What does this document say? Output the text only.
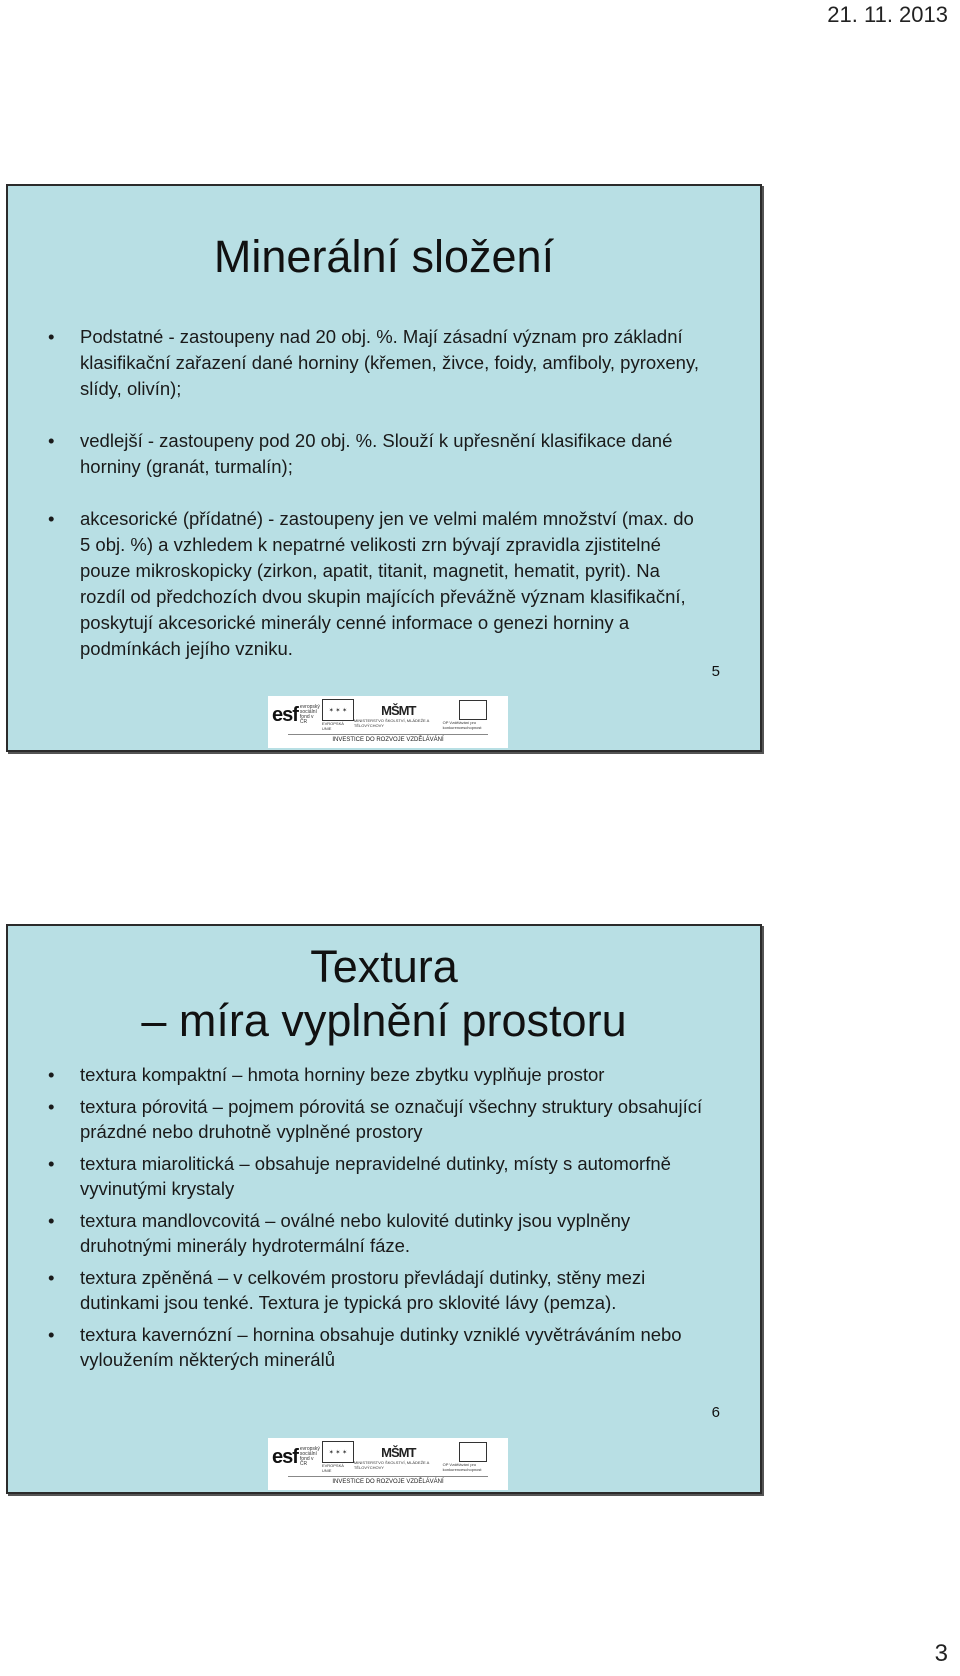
21. 11. 2013
Minerální složení
• Podstatné - zastoupeny nad 20 obj. %. Mají zásadní význam pro základní klasifikační zařazení dané horniny (křemen, živce, foidy, amfiboly, pyroxeny, slídy, olivín);
• vedlejší - zastoupeny pod 20 obj. %. Slouží k upřesnění klasifikace dané horniny (granát, turmalín);
• akcesorické (přídatné) - zastoupeny jen ve velmi malém množství (max. do 5 obj. %) a vzhledem k nepatrné velikosti zrn bývají zpravidla zjistitelné pouze mikroskopicky (zirkon, apatit, titanit, magnetit, hematit, pyrit). Na rozdíl od předchozích dvou skupin majících převážně význam klasifikační, poskytují akcesorické minerály cenné informace o genezi horniny a podmínkách jejího vzniku.
esf evropský sociální fond v ČR
✶ ✶ ✶
EVROPSKÁ UNIE
MŠMT
MINISTERSTVO ŠKOLSTVÍ, MLÁDEŽE A TĚLOVÝCHOVY	OP Vzdělávání pro konkurenceschopnost
INVESTICE DO ROZVOJE VZDĚLÁVÁNÍ
5
Textura
– míra vyplnění prostoru
• textura kompaktní – hmota horniny beze zbytku vyplňuje prostor
• textura pórovitá – pojmem pórovitá se označují všechny struktury obsahující prázdné nebo druhotně vyplněné prostory
• textura miarolitická – obsahuje nepravidelné dutinky, místy s automorfně vyvinutými krystaly
• textura mandlovcovitá – oválné nebo kulovité dutinky jsou vyplněny druhotnými minerály hydrotermální fáze.
• textura zpěněná – v celkovém prostoru převládají dutinky, stěny mezi dutinkami jsou tenké. Textura je typická pro sklovité lávy (pemza).
• textura kavernózní – hornina obsahuje dutinky vzniklé vyvětráváním nebo vyloužením některých minerálů
esf evropský sociální fond v ČR
✶ ✶ ✶
EVROPSKÁ UNIE
MŠMT
MINISTERSTVO ŠKOLSTVÍ, MLÁDEŽE A TĚLOVÝCHOVY	OP Vzdělávání pro konkurenceschopnost
INVESTICE DO ROZVOJE VZDĚLÁVÁNÍ
6
3
